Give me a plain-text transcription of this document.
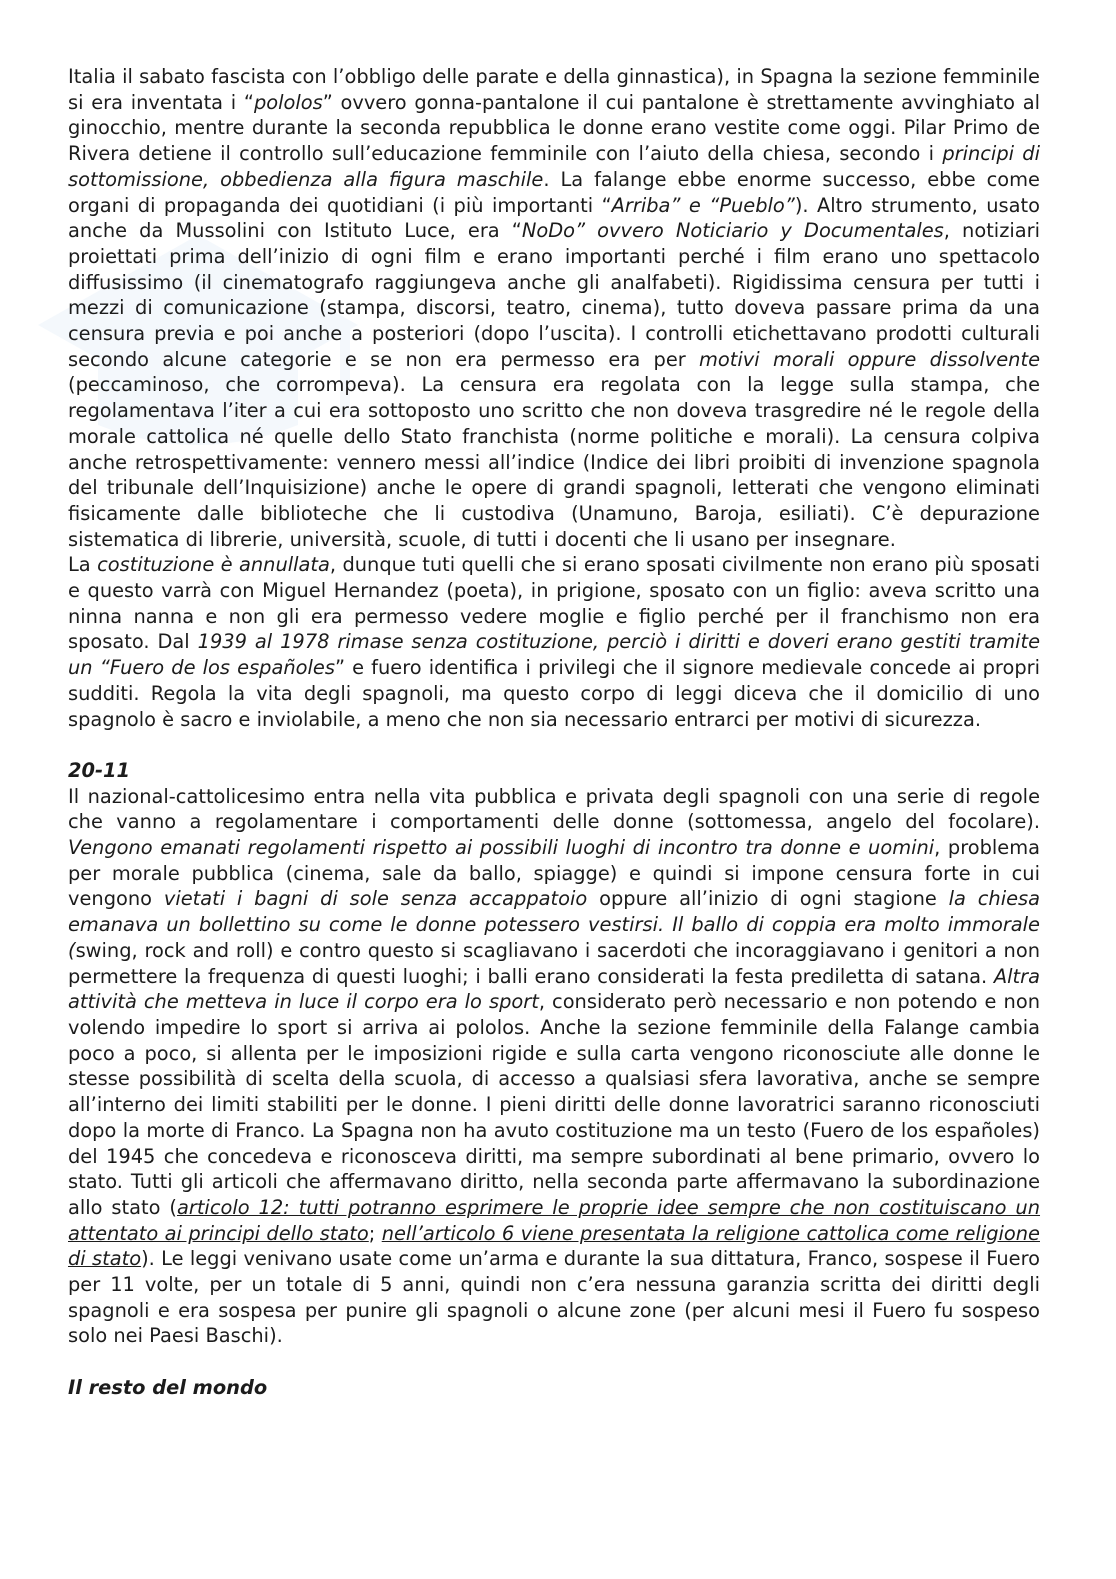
Italia il sabato fascista con l’obbligo delle parate e della ginnastica), in Spagna la sezione femminile si era inventata i “pololos” ovvero gonna-pantalone il cui pantalone è strettamente avvinghiato al ginocchio, mentre durante la seconda repubblica le donne erano vestite come oggi. Pilar Primo de Rivera detiene il controllo sull’educazione femminile con l’aiuto della chiesa, secondo i principi di sottomissione, obbedienza alla figura maschile. La falange ebbe enorme successo, ebbe come organi di propaganda dei quotidiani (i più importanti “Arriba” e “Pueblo”). Altro strumento, usato anche da Mussolini con Istituto Luce, era “NoDo” ovvero Noticiario y Documentales, notiziari proiettati prima dell’inizio di ogni film e erano importanti perché i film erano uno spettacolo diffusissimo (il cinematografo raggiungeva anche gli analfabeti). Rigidissima censura per tutti i mezzi di comunicazione (stampa, discorsi, teatro, cinema), tutto doveva passare prima da una censura previa e poi anche a posteriori (dopo l’uscita). I controlli etichettavano prodotti culturali secondo alcune categorie e se non era permesso era per motivi morali oppure dissolvente (peccaminoso, che corrompeva). La censura era regolata con la legge sulla stampa, che regolamentava l’iter a cui era sottoposto uno scritto che non doveva trasgredire né le regole della morale cattolica né quelle dello Stato franchista (norme politiche e morali). La censura colpiva anche retrospettivamente: vennero messi all’indice (Indice dei libri proibiti di invenzione spagnola del tribunale dell’Inquisizione) anche le opere di grandi spagnoli, letterati che vengono eliminati fisicamente dalle biblioteche che li custodiva (Unamuno, Baroja, esiliati). C’è depurazione sistematica di librerie, università, scuole, di tutti i docenti che li usano per insegnare.

La costituzione è annullata, dunque tuti quelli che si erano sposati civilmente non erano più sposati e questo varrà con Miguel Hernandez (poeta), in prigione, sposato con un figlio: aveva scritto una ninna nanna e non gli era permesso vedere moglie e figlio perché per il franchismo non era sposato. Dal 1939 al 1978 rimase senza costituzione, perciò i diritti e doveri erano gestiti tramite un “Fuero de los españoles” e fuero identifica i privilegi che il signore medievale concede ai propri sudditi. Regola la vita degli spagnoli, ma questo corpo di leggi diceva che il domicilio di uno spagnolo è sacro e inviolabile, a meno che non sia necessario entrarci per motivi di sicurezza.

20-11

Il nazional-cattolicesimo entra nella vita pubblica e privata degli spagnoli con una serie di regole che vanno a regolamentare i comportamenti delle donne (sottomessa, angelo del focolare). Vengono emanati regolamenti rispetto ai possibili luoghi di incontro tra donne e uomini, problema per morale pubblica (cinema, sale da ballo, spiagge) e quindi si impone censura forte in cui vengono vietati i bagni di sole senza accappatoio oppure all’inizio di ogni stagione la chiesa emanava un bollettino su come le donne potessero vestirsi. Il ballo di coppia era molto immorale (swing, rock and roll) e contro questo si scagliavano i sacerdoti che incoraggiavano i genitori a non permettere la frequenza di questi luoghi; i balli erano considerati la festa prediletta di satana. Altra attività che metteva in luce il corpo era lo sport, considerato però necessario e non potendo e non volendo impedire lo sport si arriva ai pololos. Anche la sezione femminile della Falange cambia poco a poco, si allenta per le imposizioni rigide e sulla carta vengono riconosciute alle donne le stesse possibilità di scelta della scuola, di accesso a qualsiasi sfera lavorativa, anche se sempre all’interno dei limiti stabiliti per le donne. I pieni diritti delle donne lavoratrici saranno riconosciuti dopo la morte di Franco. La Spagna non ha avuto costituzione ma un testo (Fuero de los españoles) del 1945 che concedeva e riconosceva diritti, ma sempre subordinati al bene primario, ovvero lo stato. Tutti gli articoli che affermavano diritto, nella seconda parte affermavano la subordinazione allo stato (articolo 12: tutti potranno esprimere le proprie idee sempre che non costituiscano un attentato ai principi dello stato; nell’articolo 6 viene presentata la religione cattolica come religione di stato). Le leggi venivano usate come un’arma e durante la sua dittatura, Franco, sospese il Fuero per 11 volte, per un totale di 5 anni, quindi non c’era nessuna garanzia scritta dei diritti degli spagnoli e era sospesa per punire gli spagnoli o alcune zone (per alcuni mesi il Fuero fu sospeso solo nei Paesi Baschi).

Il resto del mondo
